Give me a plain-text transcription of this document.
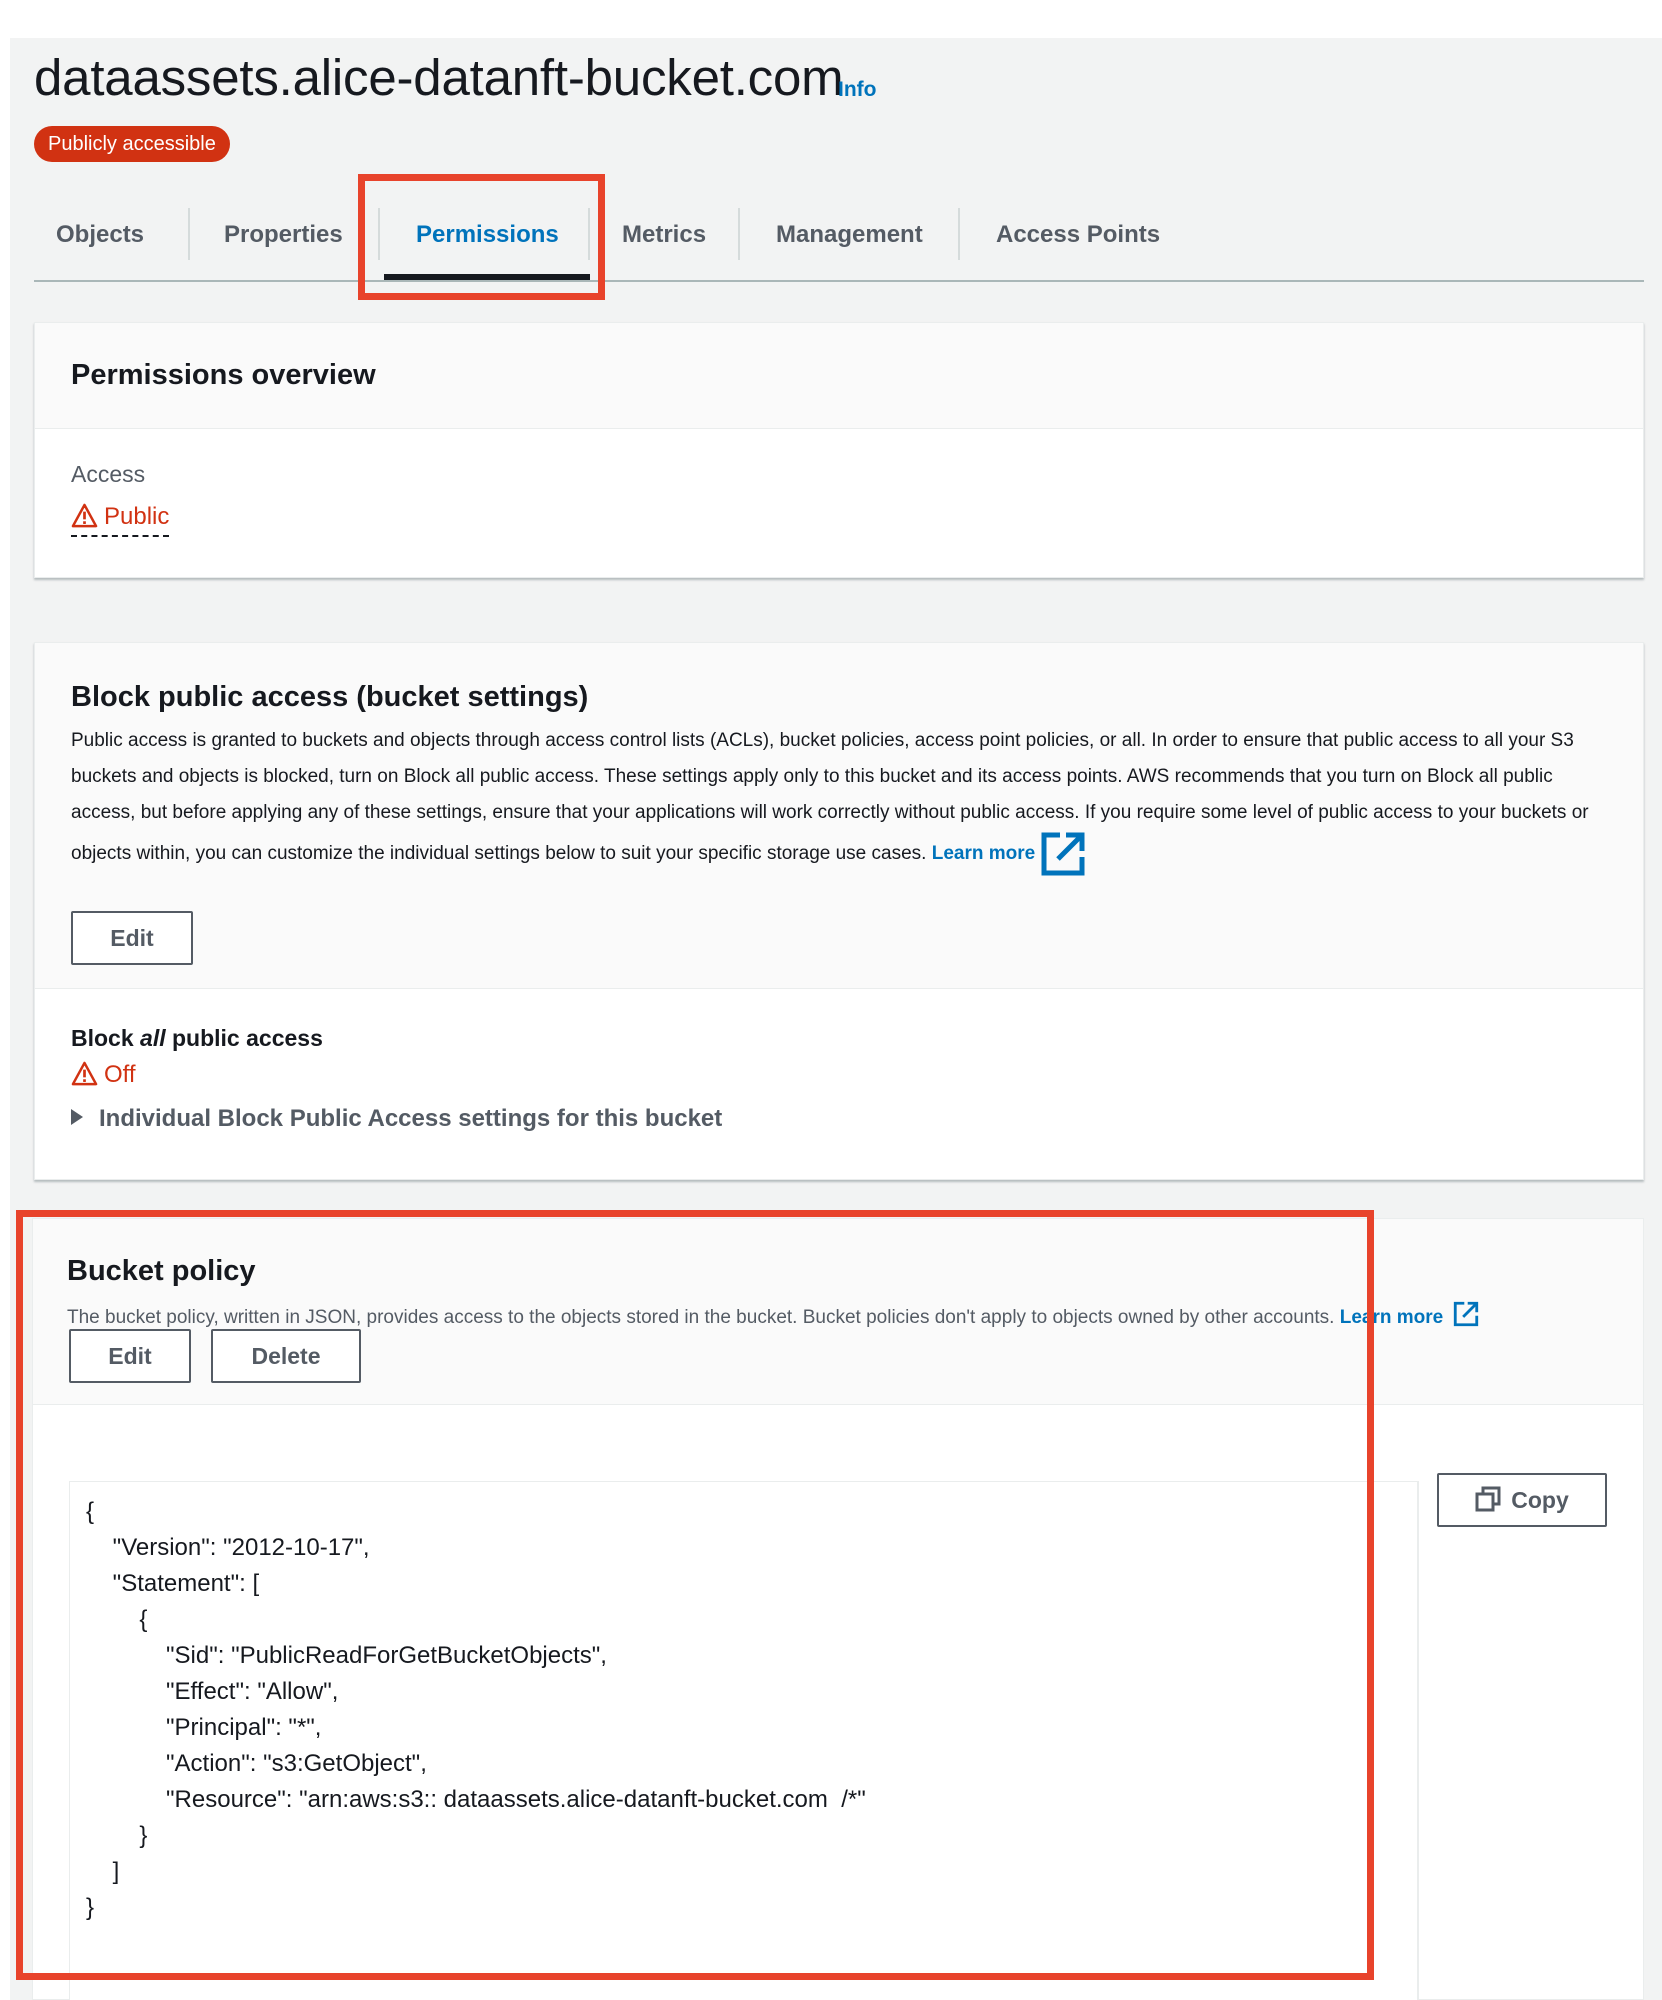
dataassets.alice-datanft-bucket.com
Info
Publicly accessible
Objects	Properties	Permissions	Metrics	Management	Access Points
Permissions overview
Access
Public
Block public access (bucket settings)

Public access is granted to buckets and objects through access control lists (ACLs), bucket policies, access point policies, or all. In order to ensure that public access to all your S3 buckets and objects is blocked, turn on Block all public access. These settings apply only to this bucket and its access points. AWS recommends that you turn on Block all public access, but before applying any of these settings, ensure that your applications will work correctly without public access. If you require some level of public access to your buckets or objects within, you can customize the individual settings below to suit your specific storage use cases. Learn more

Edit
Block all public access
Off
Individual Block Public Access settings for this bucket
Bucket policy

The bucket policy, written in JSON, provides access to the objects stored in the bucket. Bucket policies don't apply to objects owned by other accounts. Learn more

Edit	Delete
{
"Version": "2012-10-17",
"Statement": [
{
"Sid": "PublicReadForGetBucketObjects",
"Effect": "Allow",
"Principal": "*",
"Action": "s3:GetObject",
"Resource": "arn:aws:s3:: dataassets.alice-datanft-bucket.com  /*"
}
]
}
Copy
